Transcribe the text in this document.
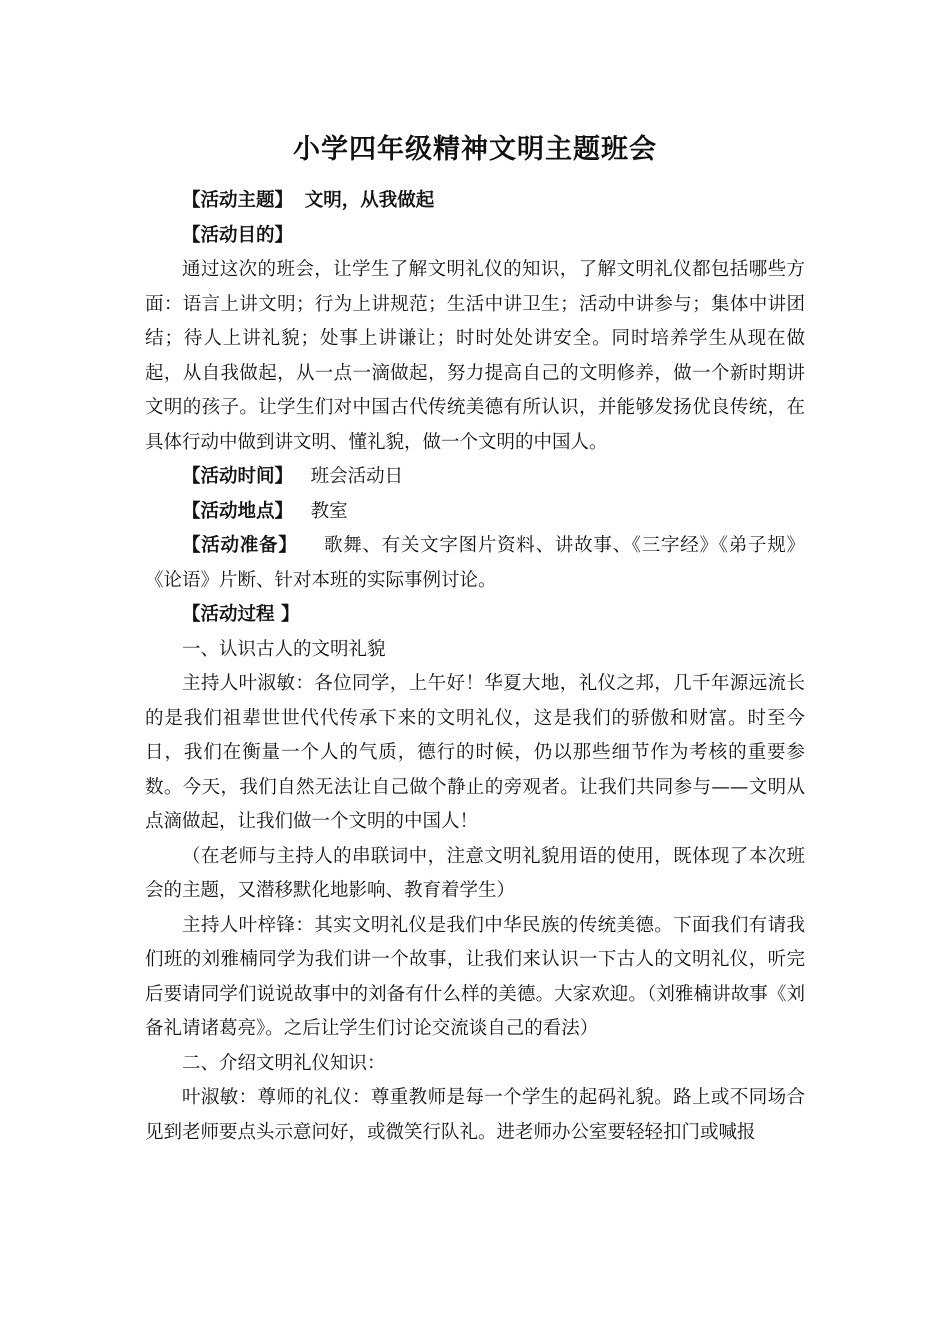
小学四年级精神文明主题班会

【活动主题】 文明，从我做起

【活动目的】

通过这次的班会，让学生了解文明礼仪的知识，了解文明礼仪都包括哪些方面：语言上讲文明；行为上讲规范；生活中讲卫生；活动中讲参与；集体中讲团结；待人上讲礼貌；处事上讲谦让；时时处处讲安全。同时培养学生从现在做起，从自我做起，从一点一滴做起，努力提高自己的文明修养，做一个新时期讲文明的孩子。让学生们对中国古代传统美德有所认识，并能够发扬优良传统，在具体行动中做到讲文明、懂礼貌，做一个文明的中国人。

【活动时间】 班会活动日

【活动地点】 教室

【活动准备】 歌舞、有关文字图片资料、讲故事、《三字经》《弟子规》《论语》片断、针对本班的实际事例讨论。

【活动过程 】

一、认识古人的文明礼貌

主持人叶淑敏：各位同学，上午好！华夏大地，礼仪之邦，几千年源远流长的是我们祖辈世世代代传承下来的文明礼仪，这是我们的骄傲和财富。时至今日，我们在衡量一个人的气质，德行的时候，仍以那些细节作为考核的重要参数。今天，我们自然无法让自己做个静止的旁观者。让我们共同参与——文明从点滴做起，让我们做一个文明的中国人！

（在老师与主持人的串联词中，注意文明礼貌用语的使用，既体现了本次班会的主题，又潜移默化地影响、教育着学生）

主持人叶梓锋：其实文明礼仪是我们中华民族的传统美德。下面我们有请我们班的刘雅楠同学为我们讲一个故事，让我们来认识一下古人的文明礼仪，听完后要请同学们说说故事中的刘备有什么样的美德。大家欢迎。（刘雅楠讲故事《刘备礼请诸葛亮》。之后让学生们讨论交流谈自己的看法）

二、介绍文明礼仪知识：

叶淑敏：尊师的礼仪：尊重教师是每一个学生的起码礼貌。路上或不同场合见到老师要点头示意问好，或微笑行队礼。进老师办公室要轻轻扣门或喊报
